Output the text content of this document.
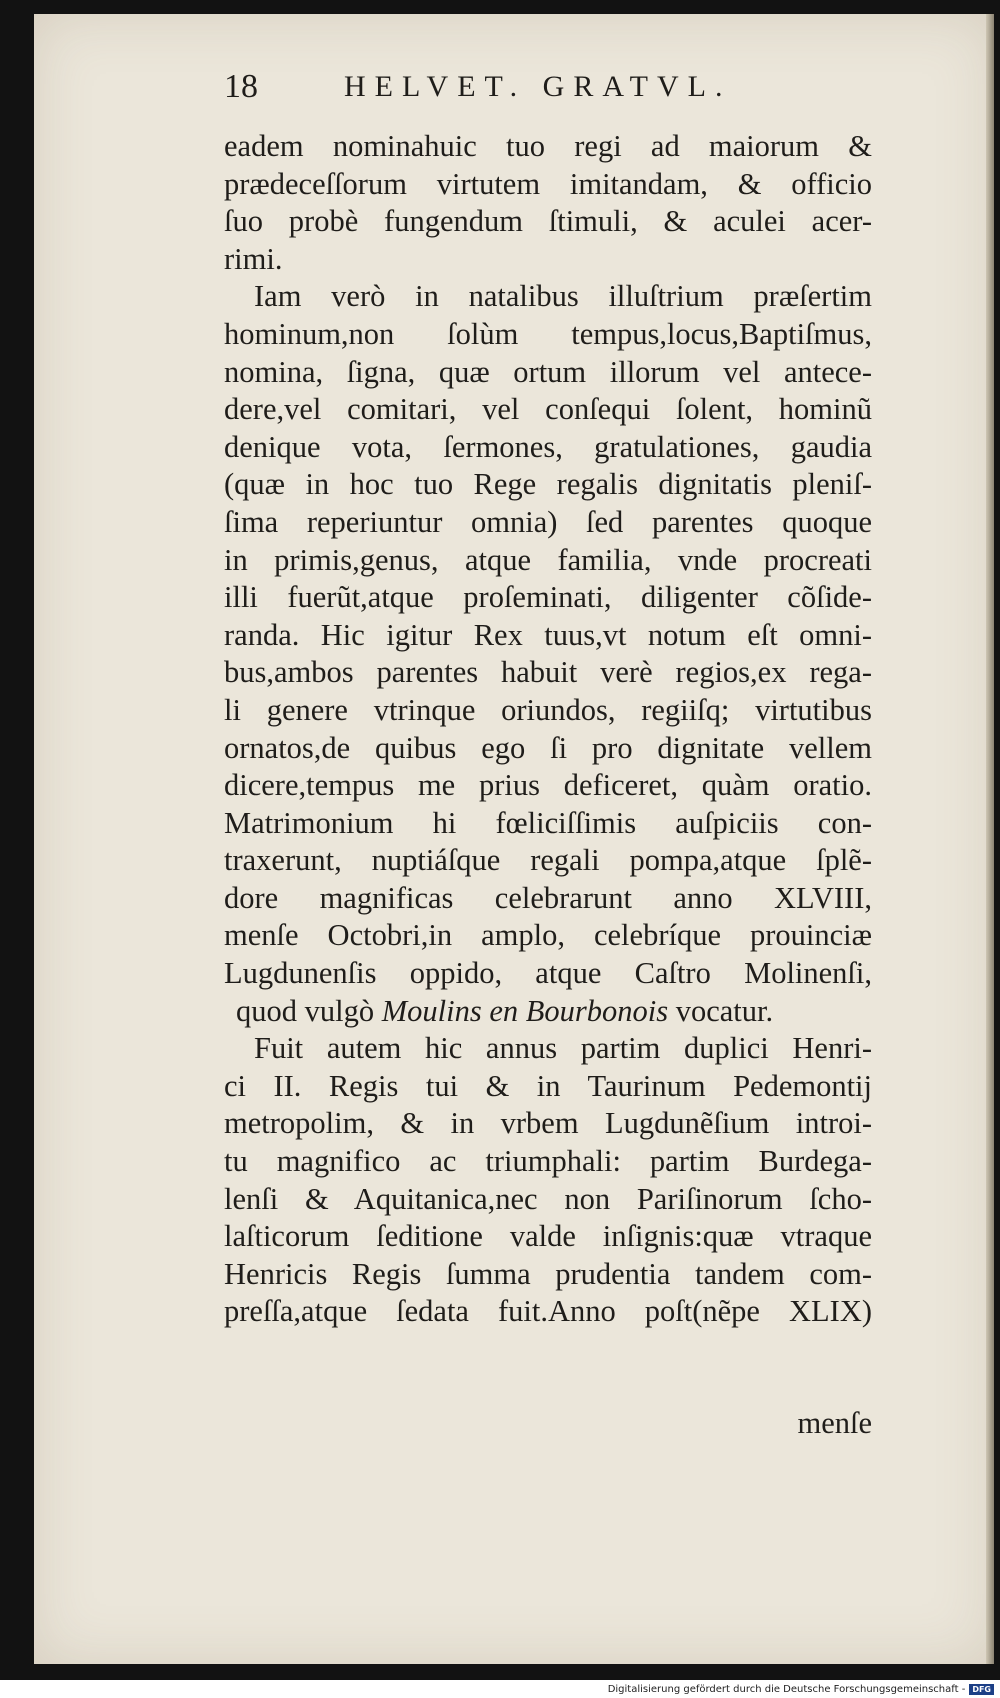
18	HELVET. GRATVL.
eadem nominahuic tuo regi ad maiorum &
prædeceſſorum virtutem imitandam, & officio
ſuo probè fungendum ſtimuli, & aculei acer-
rimi.
Iam verò in natalibus illuſtrium præſertim
hominum,non ſolùm tempus,locus,Baptiſmus,
nomina, ſigna, quæ ortum illorum vel antece-
dere,vel comitari, vel conſequi ſolent, hominũ
denique vota, ſermones, gratulationes, gaudia
(quæ in hoc tuo Rege regalis dignitatis pleniſ-
ſima reperiuntur omnia) ſed parentes quoque
in primis,genus, atque familia, vnde procreati
illi fuerũt,atque proſeminati, diligenter cõſide-
randa. Hic igitur Rex tuus,vt notum eſt omni-
bus,ambos parentes habuit verè regios,ex rega-
li genere vtrinque oriundos, regiiſq; virtutibus
ornatos,de quibus ego ſi pro dignitate vellem
dicere,tempus me prius deficeret, quàm oratio.
Matrimonium hi fœliciſſimis auſpiciis con-
traxerunt, nuptiáſque regali pompa,atque ſplẽ-
dore magnificas celebrarunt anno XLVIII,
menſe Octobri,in amplo, celebríque prouinciæ
Lugdunenſis oppido, atque Caſtro Molinenſi,
quod vulgò Moulins en Bourbonois vocatur.
Fuit autem hic annus partim duplici Henri-
ci II. Regis tui & in Taurinum Pedemontij
metropolim, & in vrbem Lugdunẽſium introi-
tu magnifico ac triumphali: partim Burdega-
lenſi & Aquitanica,nec non Pariſinorum ſcho-
laſticorum ſeditione valde inſignis:quæ vtraque
Henricis Regis ſumma prudentia tandem com-
preſſa,atque ſedata fuit.Anno poſt(nẽpe XLIX)
menſe
Digitalisierung gefördert durch die Deutsche Forschungsgemeinschaft - DFG
